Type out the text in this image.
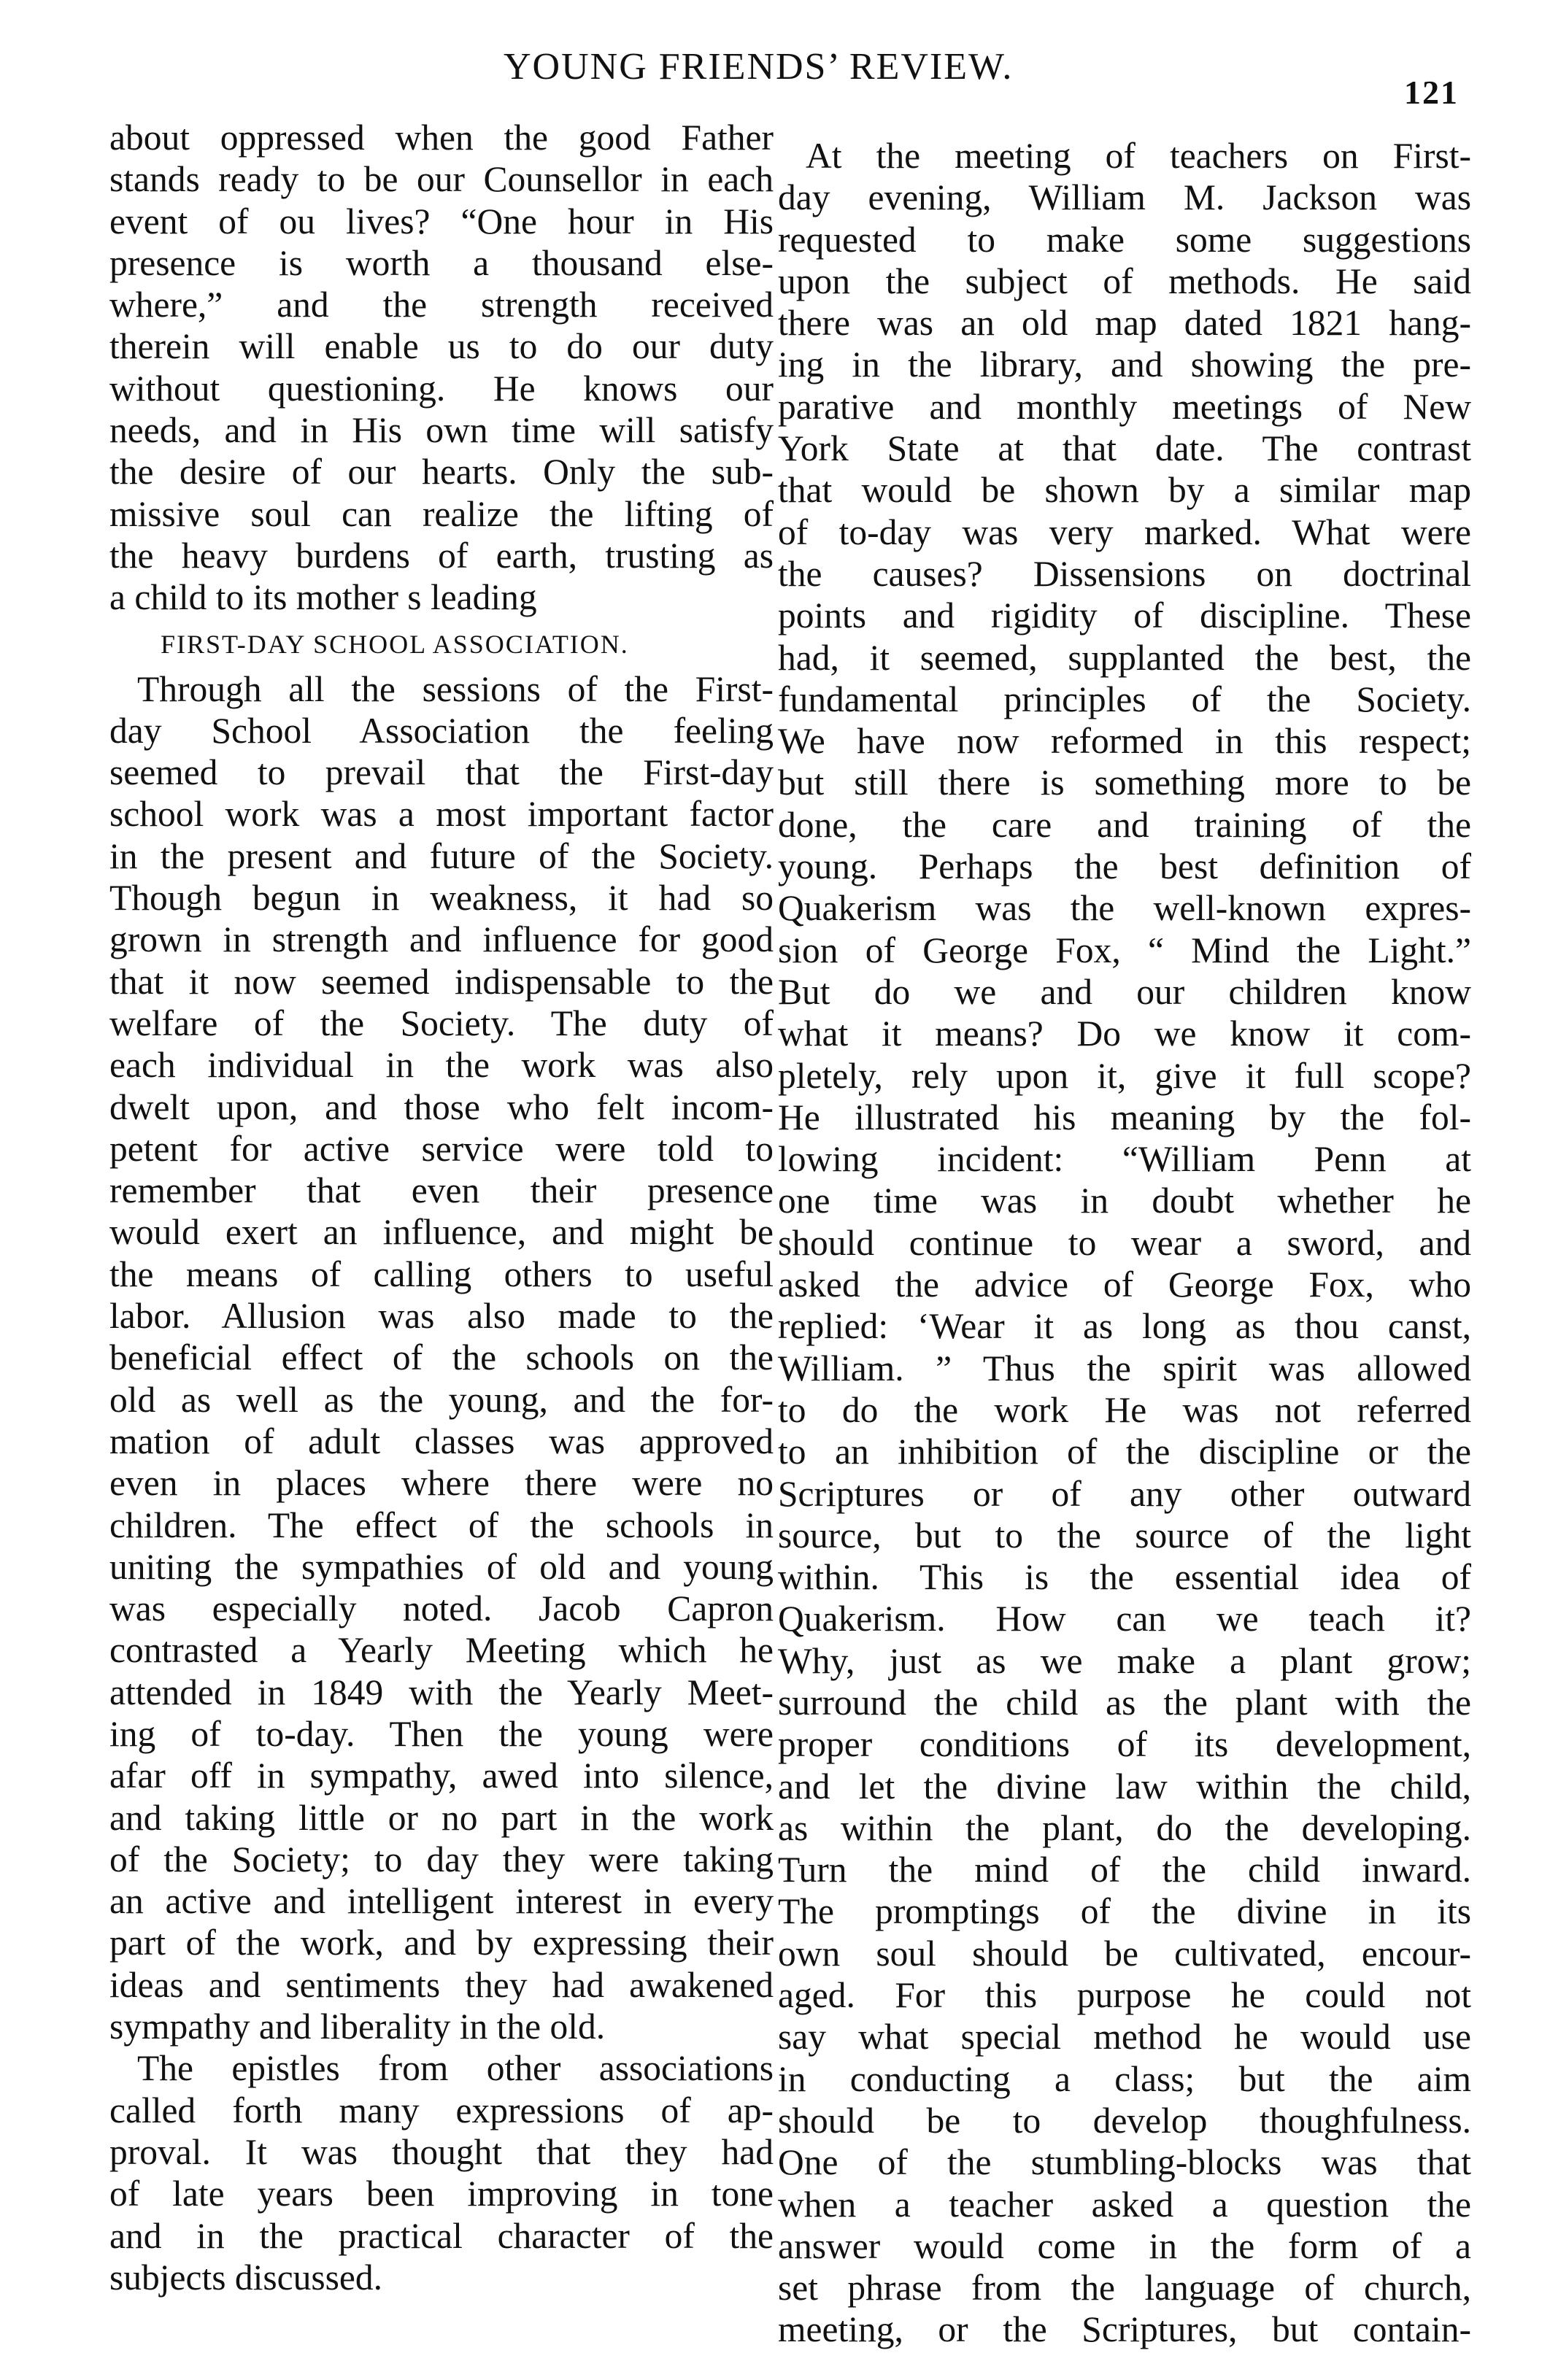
YOUNG FRIENDS’ REVIEW.
121
about oppressed when the good Father
stands ready to be our Counsellor in each
event of ou lives? “One hour in His
presence is worth a thousand else-
where,” and the strength received
therein will enable us to do our duty
without questioning. He knows our
needs, and in His own time will satisfy
the desire of our hearts. Only the sub-
missive soul can realize the lifting of
the heavy burdens of earth, trusting as
a child to its mother s leading
FIRST-DAY SCHOOL ASSOCIATION.
Through all the sessions of the First-
day School Association the feeling
seemed to prevail that the First-day
school work was a most important factor
in the present and future of the Society.
Though begun in weakness, it had so
grown in strength and influence for good
that it now seemed indispensable to the
welfare of the Society. The duty of
each individual in the work was also
dwelt upon, and those who felt incom-
petent for active service were told to
remember that even their presence
would exert an influence, and might be
the means of calling others to useful
labor. Allusion was also made to the
beneficial effect of the schools on the
old as well as the young, and the for-
mation of adult classes was approved
even in places where there were no
children. The effect of the schools in
uniting the sympathies of old and young
was especially noted. Jacob Capron
contrasted a Yearly Meeting which he
attended in 1849 with the Yearly Meet-
ing of to-day. Then the young were
afar off in sympathy, awed into silence,
and taking little or no part in the work
of the Society; to day they were taking
an active and intelligent interest in every
part of the work, and by expressing their
ideas and sentiments they had awakened
sympathy and liberality in the old.
The epistles from other associations
called forth many expressions of ap-
proval. It was thought that they had
of late years been improving in tone
and in the practical character of the
subjects discussed.
At the meeting of teachers on First-
day evening, William M. Jackson was
requested to make some suggestions
upon the subject of methods. He said
there was an old map dated 1821 hang-
ing in the library, and showing the pre-
parative and monthly meetings of New
York State at that date. The contrast
that would be shown by a similar map
of to-day was very marked. What were
the causes? Dissensions on doctrinal
points and rigidity of discipline. These
had, it seemed, supplanted the best, the
fundamental principles of the Society.
We have now reformed in this respect;
but still there is something more to be
done, the care and training of the
young. Perhaps the best definition of
Quakerism was the well-known expres-
sion of George Fox, “ Mind the Light.”
But do we and our children know
what it means? Do we know it com-
pletely, rely upon it, give it full scope?
He illustrated his meaning by the fol-
lowing incident: “William Penn at
one time was in doubt whether he
should continue to wear a sword, and
asked the advice of George Fox, who
replied: ‘Wear it as long as thou canst,
William. ” Thus the spirit was allowed
to do the work He was not referred
to an inhibition of the discipline or the
Scriptures or of any other outward
source, but to the source of the light
within. This is the essential idea of
Quakerism. How can we teach it?
Why, just as we make a plant grow;
surround the child as the plant with the
proper conditions of its development,
and let the divine law within the child,
as within the plant, do the developing.
Turn the mind of the child inward.
The promptings of the divine in its
own soul should be cultivated, encour-
aged. For this purpose he could not
say what special method he would use
in conducting a class; but the aim
should be to develop thoughfulness.
One of the stumbling-blocks was that
when a teacher asked a question the
answer would come in the form of a
set phrase from the language of church,
meeting, or the Scriptures, but contain-
